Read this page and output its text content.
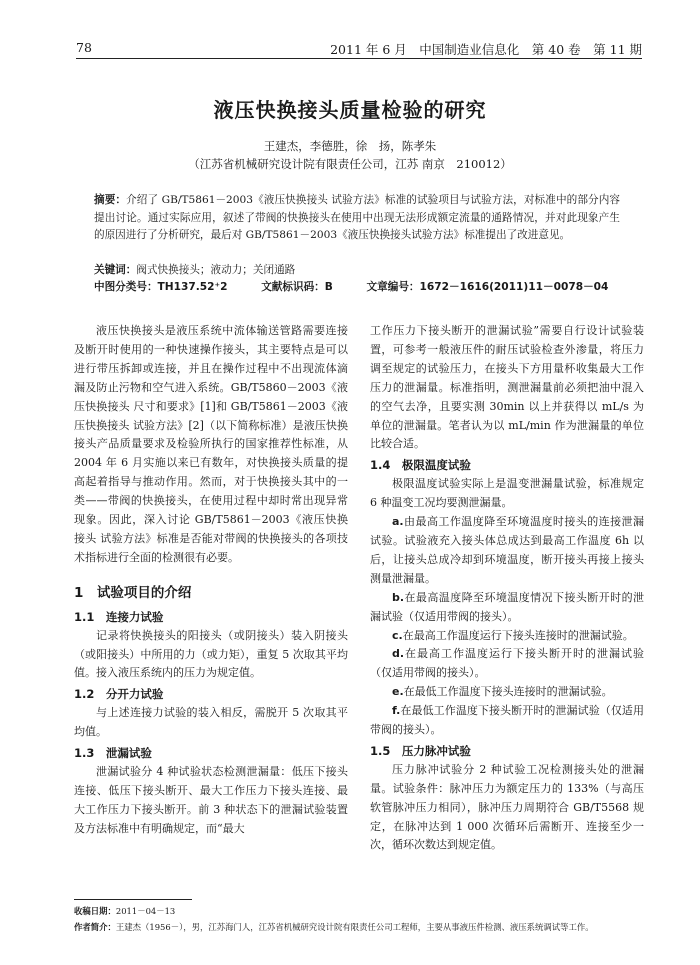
78	2011 年 6 月　中国制造业信息化　第 40 卷　第 11 期
液压快换接头质量检验的研究
王建杰，李德胜，徐　扬，陈孝朱
（江苏省机械研究设计院有限责任公司，江苏 南京　210012）
摘要：介绍了 GB/T5861－2003《液压快换接头 试验方法》标准的试验项目与试验方法，对标准中的部分内容提出讨论。通过实际应用，叙述了带阀的快换接头在使用中出现无法形成额定流量的通路情况，并对此现象产生的原因进行了分析研究，最后对 GB/T5861－2003《液压快换接头试验方法》标准提出了改进意见。
关键词：阀式快换接头；液动力；关闭通路
中图分类号：TH137.52⁺2	文献标识码：B	文章编号：1672－1616(2011)11－0078－04

液压快换接头是液压系统中流体输送管路需要连接及断开时使用的一种快速操作接头，其主要特点是可以进行带压拆卸或连接，并且在操作过程中不出现流体滴漏及防止污物和空气进入系统。GB/T5860－2003《液压快换接头 尺寸和要求》[1]和 GB/T5861－2003《液压快换接头 试验方法》[2]（以下简称标准）是液压快换接头产品质量要求及检验所执行的国家推荐性标准，从 2004 年 6 月实施以来已有数年，对快换接头质量的提高起着指导与推动作用。然而，对于快换接头其中的一类——带阀的快换接头，在使用过程中却时常出现异常现象。因此，深入讨论 GB/T5861－2003《液压快换接头 试验方法》标准是否能对带阀的快换接头的各项技术指标进行全面的检测很有必要。

1　试验项目的介绍
1.1　连接力试验

记录将快换接头的阳接头（或阴接头）装入阴接头（或阳接头）中所用的力（或力矩），重复 5 次取其平均值。接入液压系统内的压力为规定值。

1.2　分开力试验

与上述连接力试验的装入相反，需脱开 5 次取其平均值。

1.3　泄漏试验

泄漏试验分 4 种试验状态检测泄漏量：低压下接头连接、低压下接头断开、最大工作压力下接头连接、最大工作压力下接头断开。前 3 种状态下的泄漏试验装置及方法标准中有明确规定，而“最大

工作压力下接头断开的泄漏试验”需要自行设计试验装置，可参考一般液压件的耐压试验检查外渗量，将压力调至规定的试验压力，在接头下方用量杯收集最大工作压力的泄漏量。标准指明，测泄漏量前必须把油中混入的空气去净，且要实测 30min 以上并获得以 mL/s 为单位的泄漏量。笔者认为以 mL/min 作为泄漏量的单位比较合适。

1.4　极限温度试验

极限温度试验实际上是温变泄漏量试验，标准规定 6 种温变工况均要测泄漏量。

a.由最高工作温度降至环境温度时接头的连接泄漏试验。试验液充入接头体总成达到最高工作温度 6h 以后，让接头总成冷却到环境温度，断开接头再接上接头测量泄漏量。

b.在最高温度降至环境温度情况下接头断开时的泄漏试验（仅适用带阀的接头）。

c.在最高工作温度运行下接头连接时的泄漏试验。

d.在最高工作温度运行下接头断开时的泄漏试验（仅适用带阀的接头）。

e.在最低工作温度下接头连接时的泄漏试验。

f.在最低工作温度下接头断开时的泄漏试验（仅适用带阀的接头）。

1.5　压力脉冲试验

压力脉冲试验分 2 种试验工况检测接头处的泄漏量。试验条件：脉冲压力为额定压力的 133%（与高压软管脉冲压力相同），脉冲压力周期符合 GB/T5568 规定，在脉冲达到 1 000 次循环后需断开、连接至少一次，循环次数达到规定值。

收稿日期：2011－04－13
作者简介：王建杰（1956－），男，江苏海门人，江苏省机械研究设计院有限责任公司工程师，主要从事液压件检测、液压系统调试等工作。
